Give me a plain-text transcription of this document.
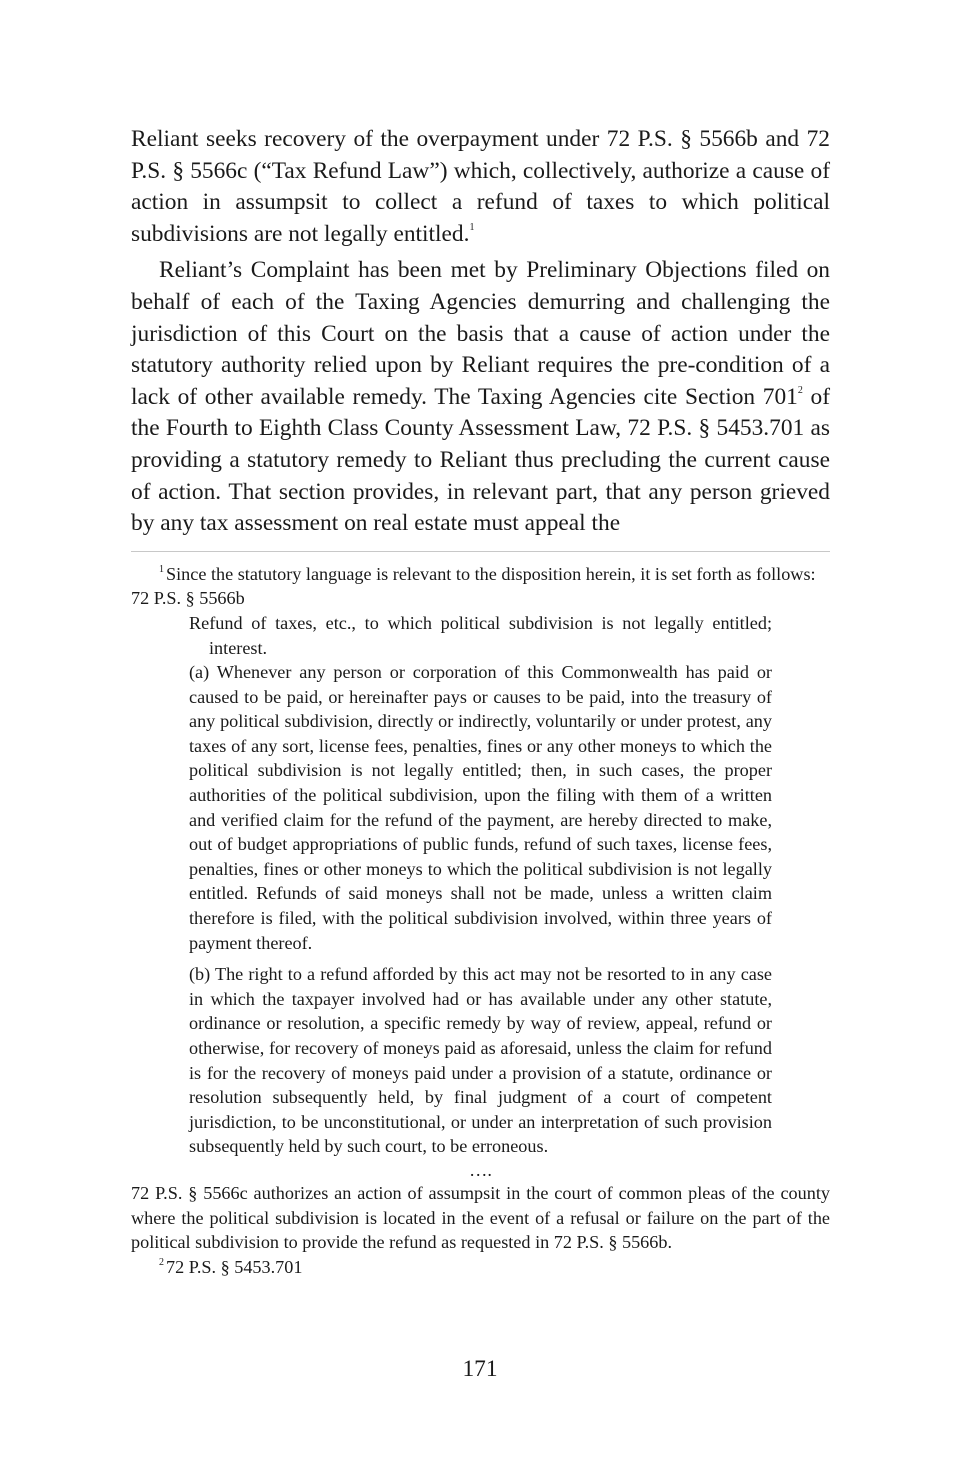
Reliant seeks recovery of the overpayment under 72 P.S. § 5566b and 72 P.S. § 5566c (“Tax Refund Law”) which, collectively, authorize a cause of action in assumpsit to collect a refund of taxes to which political subdivisions are not legally entitled.$^1$

Reliant’s Complaint has been met by Preliminary Objections filed on behalf of each of the Taxing Agencies demurring and challenging the jurisdiction of this Court on the basis that a cause of action under the statutory authority relied upon by Reliant requires the pre-condition of a lack of other available remedy. The Taxing Agencies cite Section $701^2$ of the Fourth to Eighth Class County Assessment Law, 72 P.S. § 5453.701 as providing a statutory remedy to Reliant thus precluding the current cause of action. That section provides, in relevant part, that any person grieved by any tax assessment on real estate must appeal the

$^1$ Since the statutory language is relevant to the disposition herein, it is set forth as follows:

72 P.S. § 5566b

Refund of taxes, etc., to which political subdivision is not legally entitled; interest.

(a) Whenever any person or corporation of this Commonwealth has paid or caused to be paid, or hereinafter pays or causes to be paid, into the treasury of any political subdivision, directly or indirectly, voluntarily or under protest, any taxes of any sort, license fees, penalties, fines or any other moneys to which the political subdivision is not legally entitled; then, in such cases, the proper authorities of the political subdivision, upon the filing with them of a written and verified claim for the refund of the payment, are hereby directed to make, out of budget appropriations of public funds, refund of such taxes, license fees, penalties, fines or other moneys to which the political subdivision is not legally entitled. Refunds of said moneys shall not be made, unless a written claim therefore is filed, with the political subdivision involved, within three years of payment thereof.

(b) The right to a refund afforded by this act may not be resorted to in any case in which the taxpayer involved had or has available under any other statute, ordinance or resolution, a specific remedy by way of review, appeal, refund or otherwise, for recovery of moneys paid as aforesaid, unless the claim for refund is for the recovery of moneys paid under a provision of a statute, ordinance or resolution subsequently held, by final judgment of a court of competent jurisdiction, to be unconstitutional, or under an interpretation of such provision subsequently held by such court, to be erroneous.

….

72 P.S. § 5566c authorizes an action of assumpsit in the court of common pleas of the county where the political subdivision is located in the event of a refusal or failure on the part of the political subdivision to provide the refund as requested in 72 P.S. § 5566b.

$^2$ 72 P.S. § 5453.701

171
